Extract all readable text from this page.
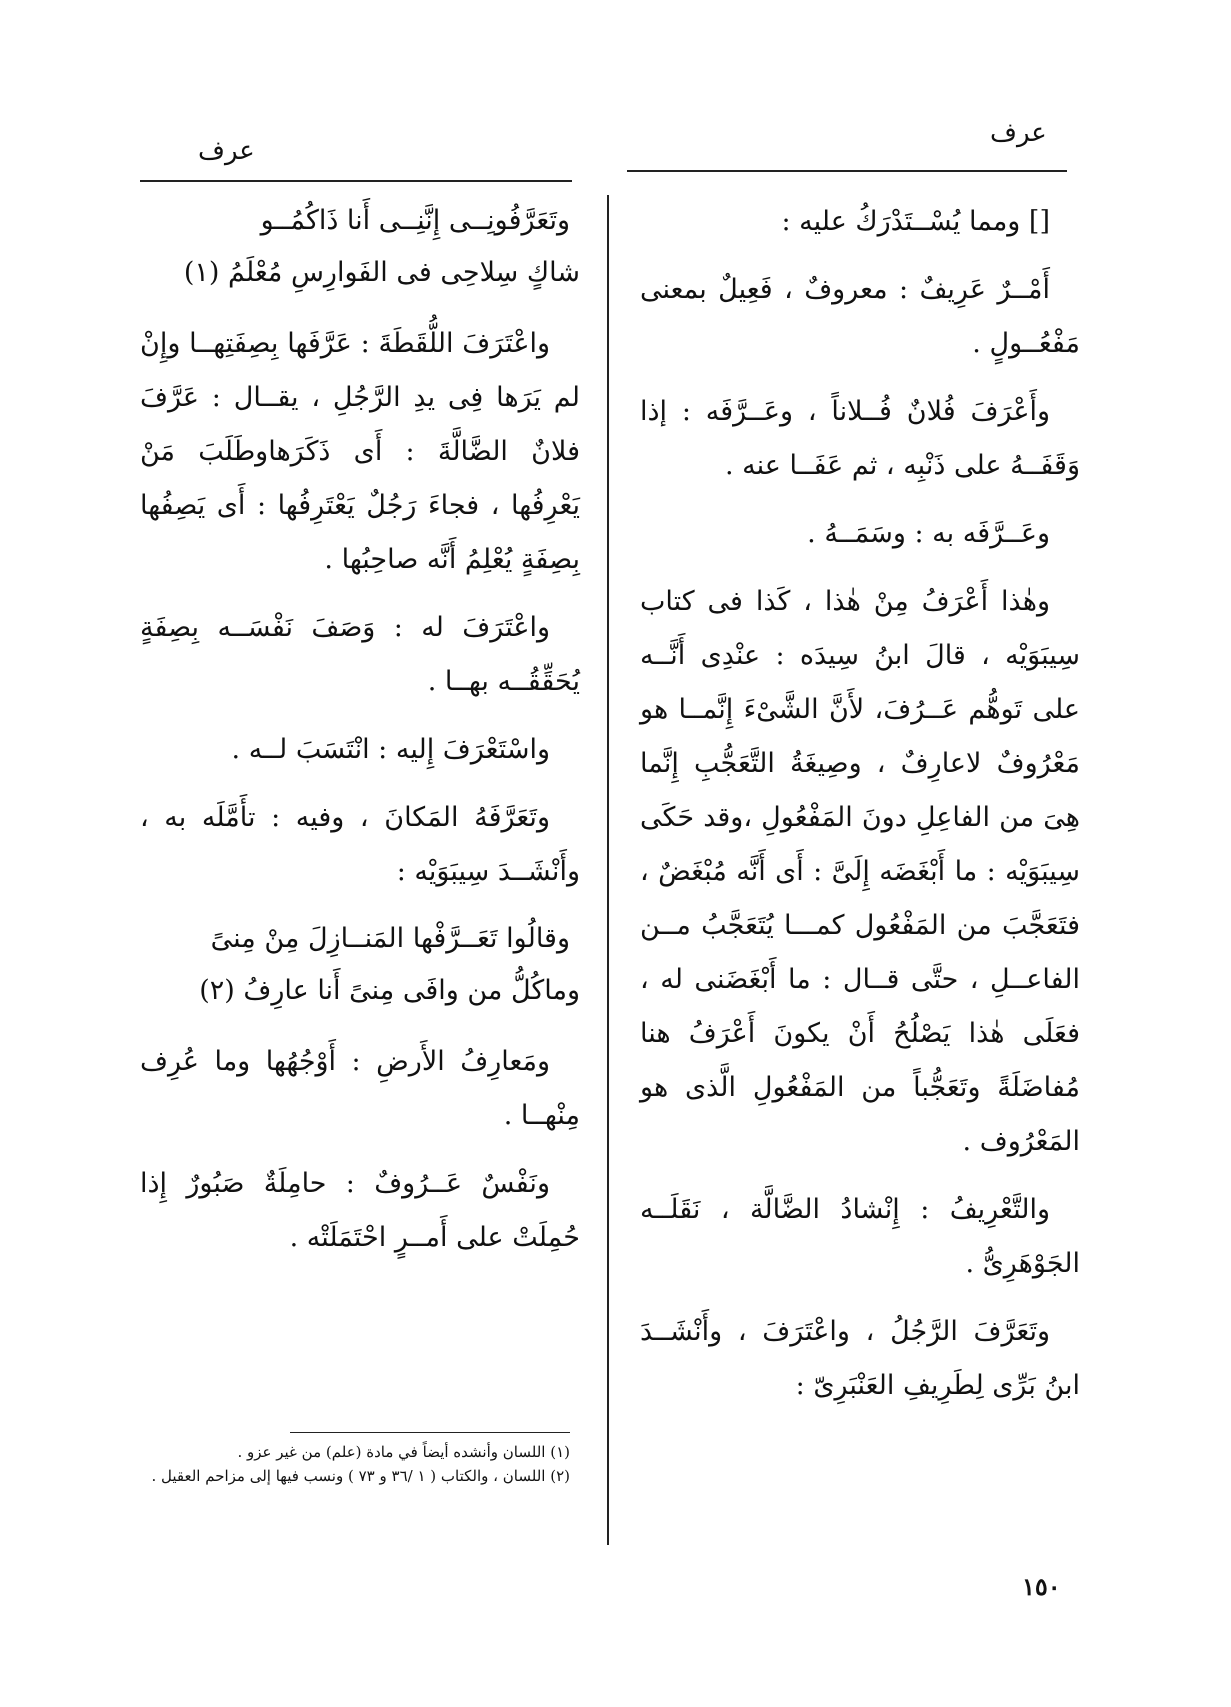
عرف
عرف

[] ومما يُسْــتَدْرَكُ عليه :

أَمْــرٌ عَرِيفٌ : معروفٌ ، فَعِيلٌ بمعنى مَفْعُــولٍ .

وأَعْرَفَ فُلانٌ فُــلاناً ، وعَــرَّفَه : إذا وَقَفَــهُ على ذَنْبِه ، ثم عَفَــا عنه .

وعَــرَّفَه به : وسَمَــهُ .

وهٰذا أَعْرَفُ مِنْ هٰذا ، كَذا فى كتاب سِيبَوَيْه ، قالَ ابنُ سِيدَه : عنْدِى أَنَّــه على تَوهُّم عَــرُفَ، لأَنَّ الشَّىْءَ إِنَّمــا هو مَعْرُوفٌ لاعارِفٌ ، وصِيغَةُ التَّعَجُّبِ إِنَّما هِىَ من الفاعِلِ دونَ المَفْعُولِ ،وقد حَكَى سِيبَوَيْه : ما أَبْغَضَه إِلَىَّ : أَى أَنَّه مُبْغَضٌ ، فتَعَجَّبَ من المَفْعُول كمـــا يُتَعَجَّبُ مــن الفاعــلِ ، حتَّى قــال : ما أَبْغَضَنى له ، فعَلَى هٰذا يَصْلُحُ أَنْ يكونَ أَعْرَفُ هنا مُفاضَلَةً وتَعَجُّباً من المَفْعُولِ الَّذى هو المَعْرُوف .

والتَّعْرِيفُ : إِنْشادُ الضَّالَّة ، نَقَلَــه الجَوْهَرِىُّ .

وتَعَرَّفَ الرَّجُلُ ، واعْتَرَفَ ، وأَنْشَــدَ ابنُ بَرِّى لِطَرِيفِ العَنْبَرِىّ :

وتَعَرَّفُونِــى إِنَّنِــى أَنا ذَاكُمُــو

شاكٍ سِلاحِى فى الفَوارِسِ مُعْلَمُ (١)

واعْتَرَفَ اللُّقَطَةَ : عَرَّفَها بِصِفَتِهــا وإِنْ لم يَرَها فِى يدِ الرَّجُلِ ، يقــال : عَرَّفَ فلانٌ الضَّالَّةَ : أَى ذَكَرَهاوطَلَبَ مَنْ يَعْرِفُها ، فجاءَ رَجُلٌ يَعْتَرِفُها : أَى يَصِفُها بِصِفَةٍ يُعْلِمُ أَنَّه صاحِبُها .

واعْتَرَفَ له : وَصَفَ نَفْسَــه بِصِفَةٍ يُحَقِّقُــه بهــا .

واسْتَعْرَفَ إِليه : انْتَسَبَ لــه .

وتَعَرَّفَهُ المَكانَ ، وفيه : تأَمَّلَه به ، وأَنْشَــدَ سِيبَوَيْه :

وقالُوا تَعَــرَّفْها المَنــازِلَ مِنْ مِنىً

وماكُلُّ من وافَى مِنىً أَنا عارِفُ (٢)

ومَعارِفُ الأَرضِ : أَوْجُهُها وما عُرِف مِنْهــا .

ونَفْسٌ عَــرُوفٌ : حامِلَةٌ صَبُورٌ إِذا حُمِلَتْ على أَمــرٍ احْتَمَلَتْه .

(١) اللسان وأنشده أيضاً في مادة (علم) من غير عزو .

(٢) اللسان ، والكتاب ( ١ /٣٦ و ٧٣ ) ونسب فيها إلى مزاحم العقيل .

١٥٠
